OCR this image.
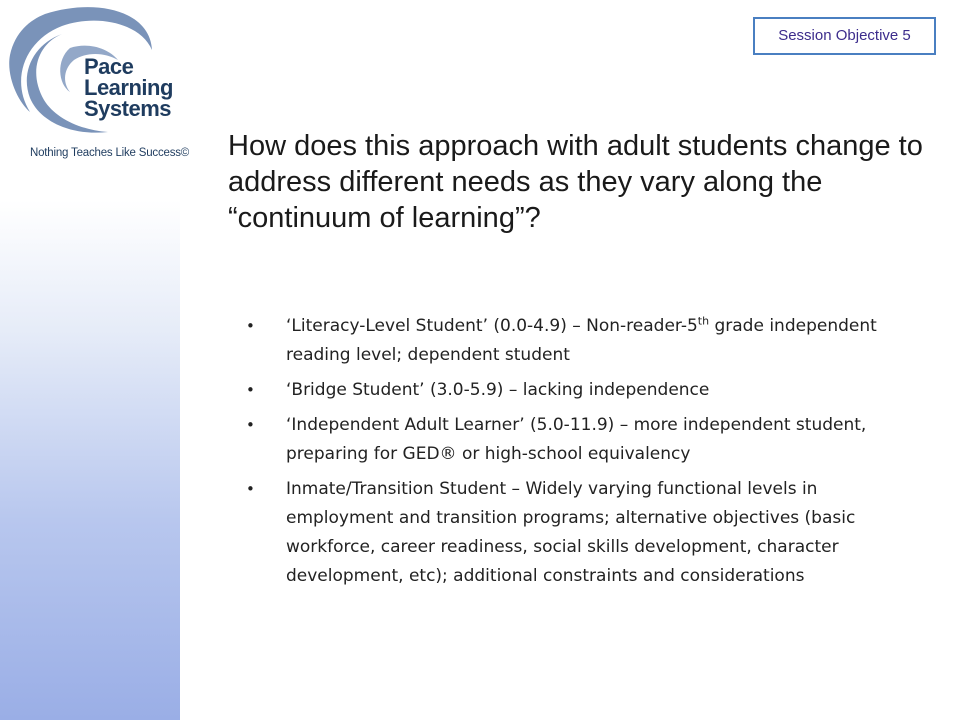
Pace
Learning
Systems
Nothing Teaches Like Success©
Session Objective 5
How does this approach with adult students change to address different needs as they vary along the “continuum of learning”?
• ‘Literacy-Level Student’ (0.0-4.9) – Non-reader-5th grade independent reading level; dependent student
• ‘Bridge Student’ (3.0-5.9) – lacking independence
• ‘Independent Adult Learner’ (5.0-11.9) – more independent student, preparing for GED® or high-school equivalency
• Inmate/Transition Student – Widely varying functional levels in employment and transition programs; alternative objectives (basic workforce, career readiness, social skills development, character development, etc); additional constraints and considerations
